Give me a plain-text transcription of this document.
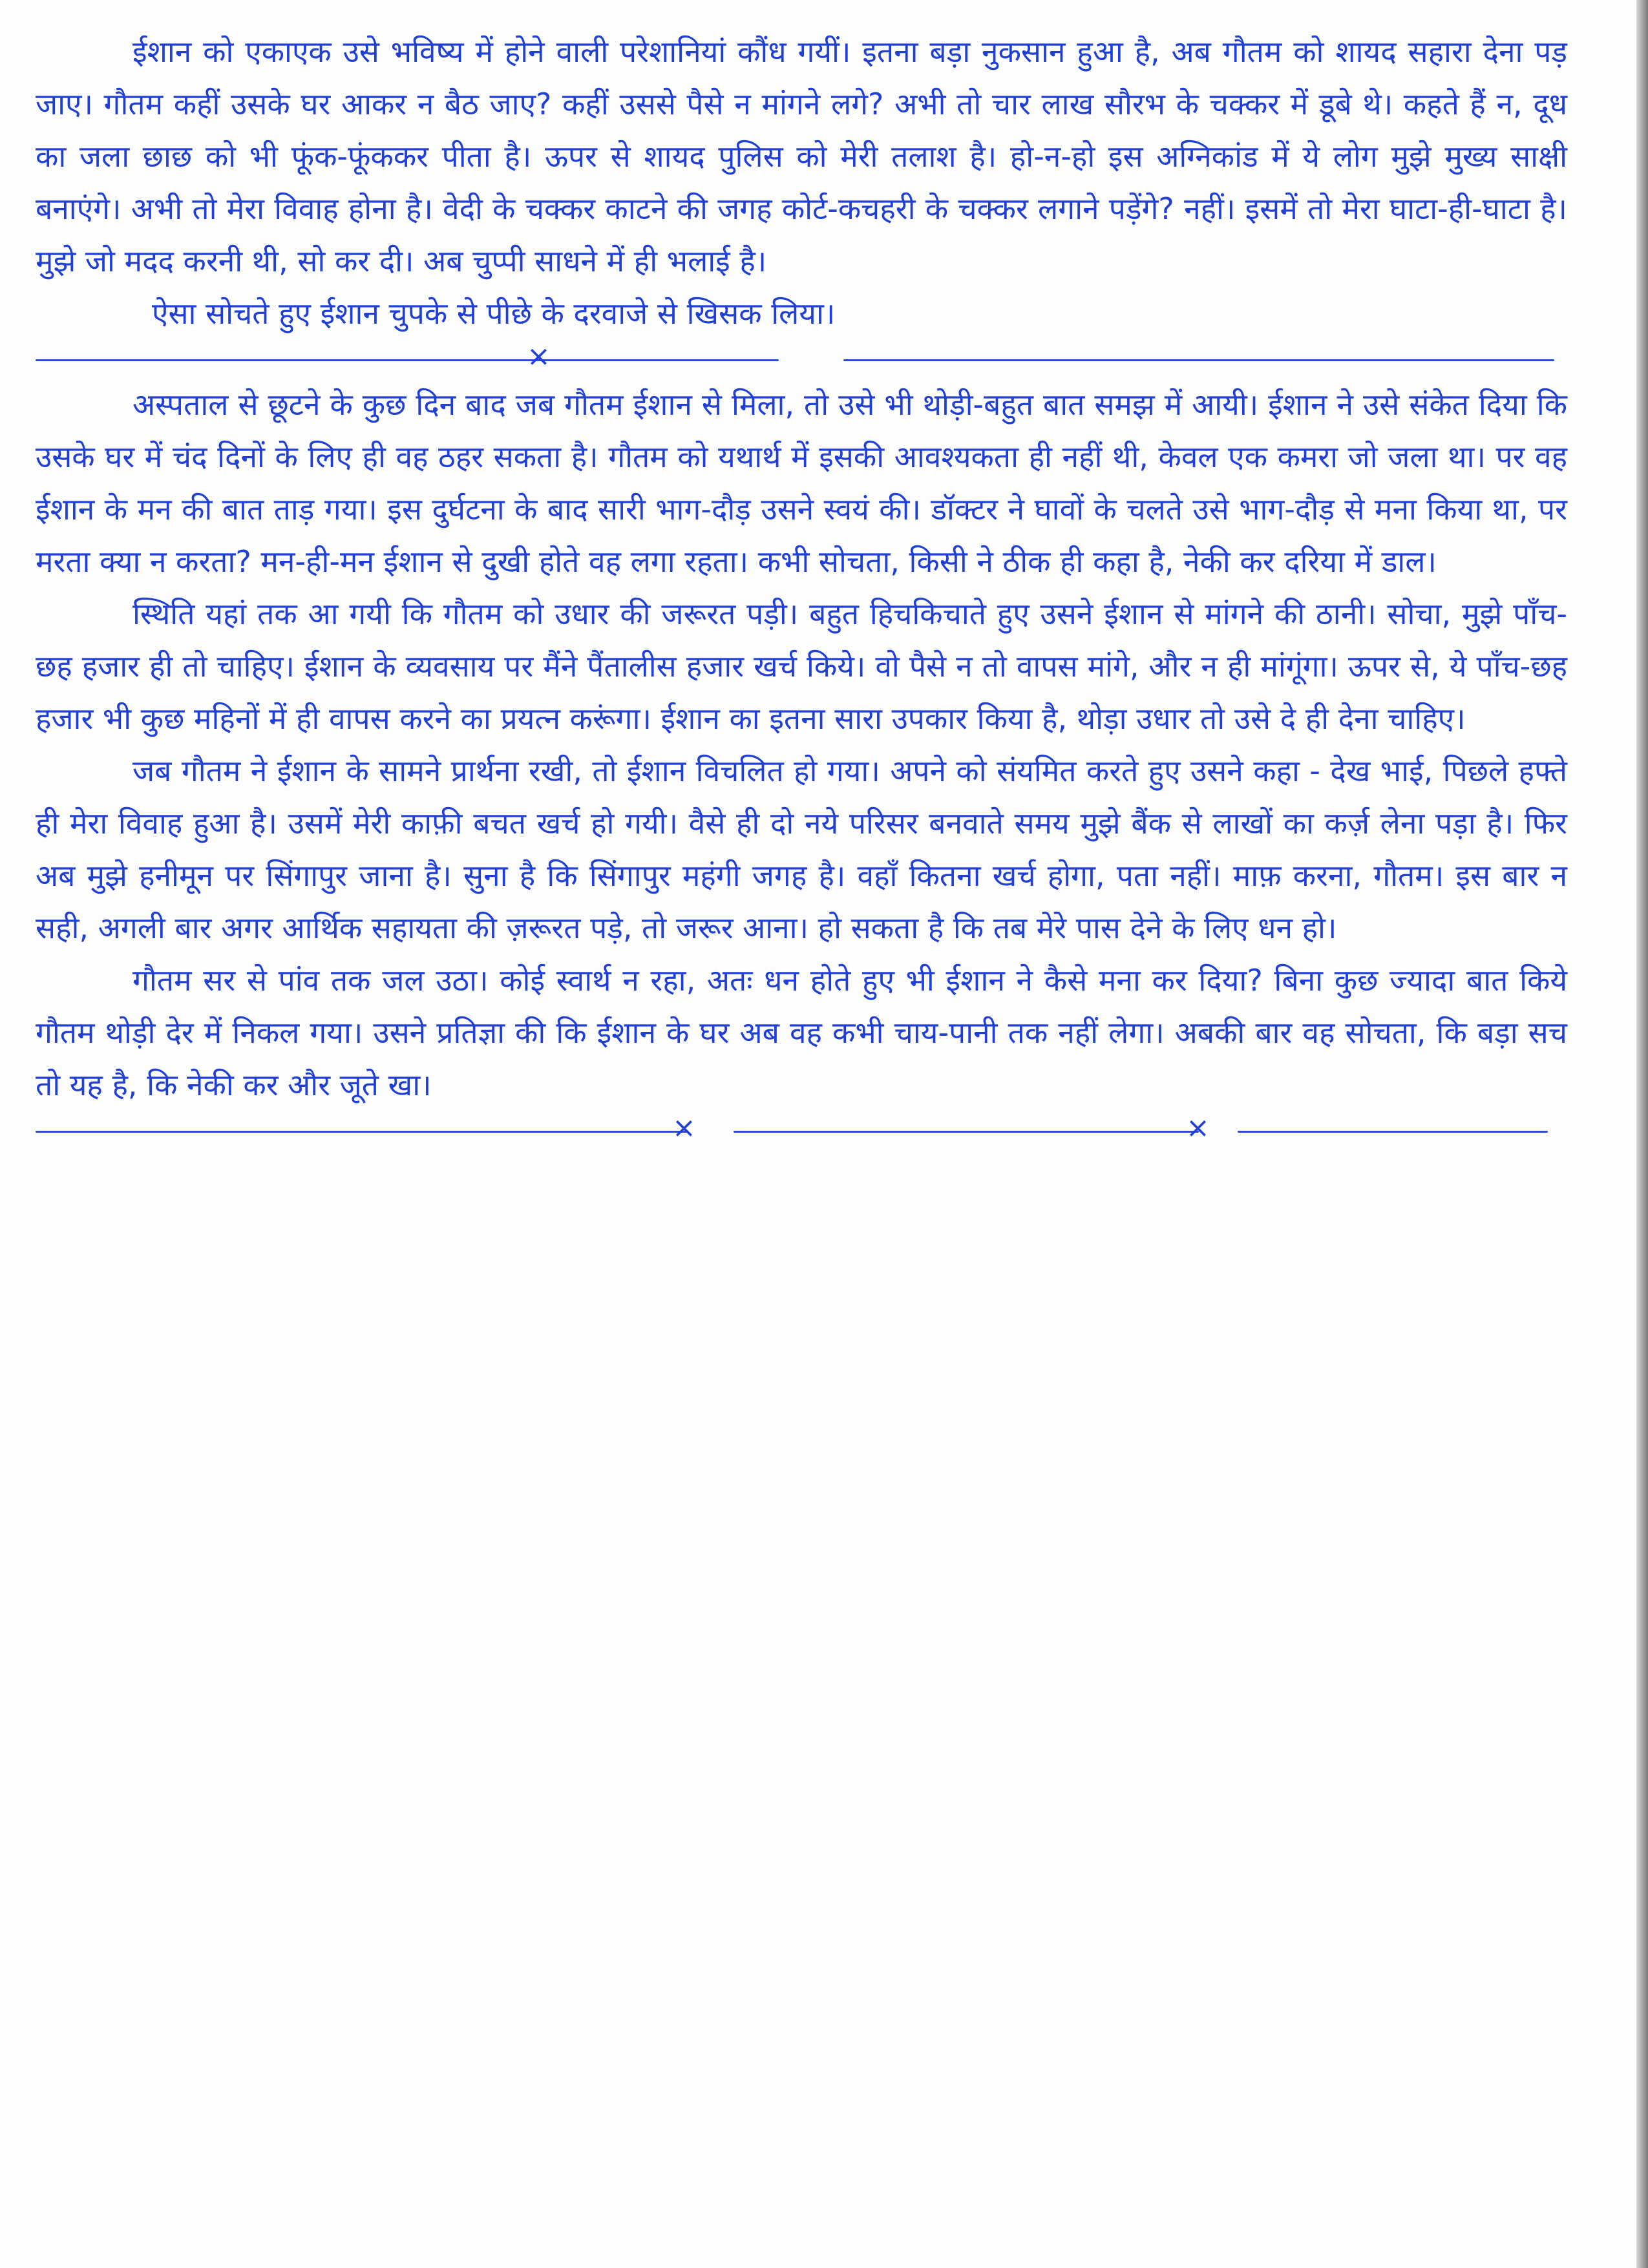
ईशान को एकाएक उसे भविष्य में होने वाली परेशानियां कौंध गयीं। इतना बड़ा नुकसान हुआ है, अब गौतम को शायद सहारा देना पड़ जाए। गौतम कहीं उसके घर आकर न बैठ जाए? कहीं उससे पैसे न मांगने लगे? अभी तो चार लाख सौरभ के चक्कर में डूबे थे। कहते हैं न, दूध का जला छाछ को भी फूंक-फूंककर पीता है। ऊपर से शायद पुलिस को मेरी तलाश है। हो-न-हो इस अग्निकांड में ये लोग मुझे मुख्य साक्षी बनाएंगे। अभी तो मेरा विवाह होना है। वेदी के चक्कर काटने की जगह कोर्ट-कचहरी के चक्कर लगाने पड़ेंगे? नहीं। इसमें तो मेरा घाटा-ही-घाटा है। मुझे जो मदद करनी थी, सो कर दी। अब चुप्पी साधने में ही भलाई है।

ऐसा सोचते हुए ईशान चुपके से पीछे के दरवाजे से खिसक लिया।

×

अस्पताल से छूटने के कुछ दिन बाद जब गौतम ईशान से मिला, तो उसे भी थोड़ी-बहुत बात समझ में आयी। ईशान ने उसे संकेत दिया कि उसके घर में चंद दिनों के लिए ही वह ठहर सकता है। गौतम को यथार्थ में इसकी आवश्यकता ही नहीं थी, केवल एक कमरा जो जला था। पर वह ईशान के मन की बात ताड़ गया। इस दुर्घटना के बाद सारी भाग-दौड़ उसने स्वयं की। डॉक्टर ने घावों के चलते उसे भाग-दौड़ से मना किया था, पर मरता क्या न करता? मन-ही-मन ईशान से दुखी होते वह लगा रहता। कभी सोचता, किसी ने ठीक ही कहा है, नेकी कर दरिया में डाल।

स्थिति यहां तक आ गयी कि गौतम को उधार की जरूरत पड़ी। बहुत हिचकिचाते हुए उसने ईशान से मांगने की ठानी। सोचा, मुझे पाँच-छह हजार ही तो चाहिए। ईशान के व्यवसाय पर मैंने पैंतालीस हजार खर्च किये। वो पैसे न तो वापस मांगे, और न ही मांगूंगा। ऊपर से, ये पाँच-छह हजार भी कुछ महिनों में ही वापस करने का प्रयत्न करूंगा। ईशान का इतना सारा उपकार किया है, थोड़ा उधार तो उसे दे ही देना चाहिए।

जब गौतम ने ईशान के सामने प्रार्थना रखी, तो ईशान विचलित हो गया। अपने को संयमित करते हुए उसने कहा - देख भाई, पिछले हफ्ते ही मेरा विवाह हुआ है। उसमें मेरी काफ़ी बचत खर्च हो गयी। वैसे ही दो नये परिसर बनवाते समय मुझे बैंक से लाखों का कर्ज़ लेना पड़ा है। फिर अब मुझे हनीमून पर सिंगापुर जाना है। सुना है कि सिंगापुर महंगी जगह है। वहाँ कितना खर्च होगा, पता नहीं। माफ़ करना, गौतम। इस बार न सही, अगली बार अगर आर्थिक सहायता की ज़रूरत पड़े, तो जरूर आना। हो सकता है कि तब मेरे पास देने के लिए धन हो।

गौतम सर से पांव तक जल उठा। कोई स्वार्थ न रहा, अतः धन होते हुए भी ईशान ने कैसे मना कर दिया? बिना कुछ ज्यादा बात किये गौतम थोड़ी देर में निकल गया। उसने प्रतिज्ञा की कि ईशान के घर अब वह कभी चाय-पानी तक नहीं लेगा। अबकी बार वह सोचता, कि बड़ा सच तो यह है, कि नेकी कर और जूते खा।

×	×
